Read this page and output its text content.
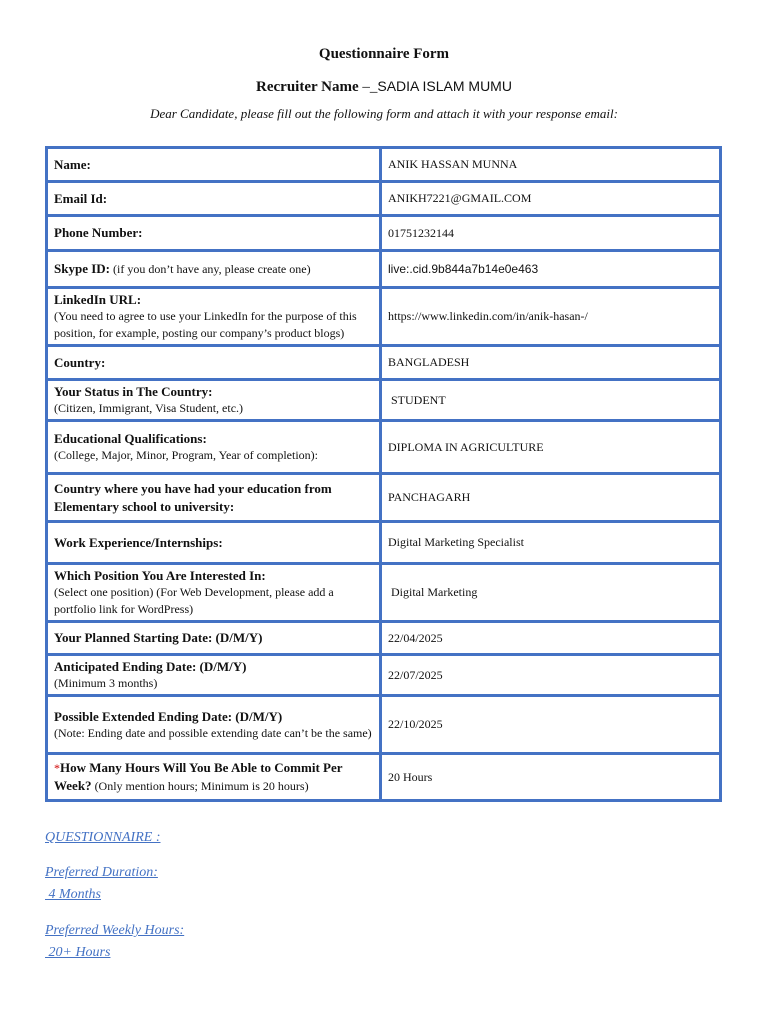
Questionnaire Form
Recruiter Name –_SADIA ISLAM MUMU
Dear Candidate, please fill out the following form and attach it with your response email:
Name:	ANIK HASSAN MUNNA
Email Id:	ANIKH7221@GMAIL.COM
Phone Number:	01751232144
Skype ID: (if you don’t have any, please create one)	live:.cid.9b844a7b14e0e463

LinkedIn URL:
(You need to agree to use your LinkedIn for the purpose of this position, for example, posting our company’s product blogs)	https://www.linkedin.com/in/anik-hasan-/
Country:	BANGLADESH

Your Status in The Country:
(Citizen, Immigrant, Visa Student, etc.)	STUDENT

Educational Qualifications:
(College, Major, Minor, Program, Year of completion):	DIPLOMA IN AGRICULTURE
Country where you have had your education from Elementary school to university:	PANCHAGARH
Work Experience/Internships:	Digital Marketing Specialist

Which Position You Are Interested In:
(Select one position) (For Web Development, please add a portfolio link for WordPress)	Digital Marketing
Your Planned Starting Date: (D/M/Y)	22/04/2025

Anticipated Ending Date: (D/M/Y)
(Minimum 3 months)	22/07/2025

Possible Extended Ending Date: (D/M/Y)
(Note: Ending date and possible extending date can’t be the same)	22/10/2025
*How Many Hours Will You Be Able to Commit Per Week? (Only mention hours; Minimum is 20 hours)	20 Hours
QUESTIONNAIRE :
Preferred Duration:
4 Months
Preferred Weekly Hours:
20+ Hours
